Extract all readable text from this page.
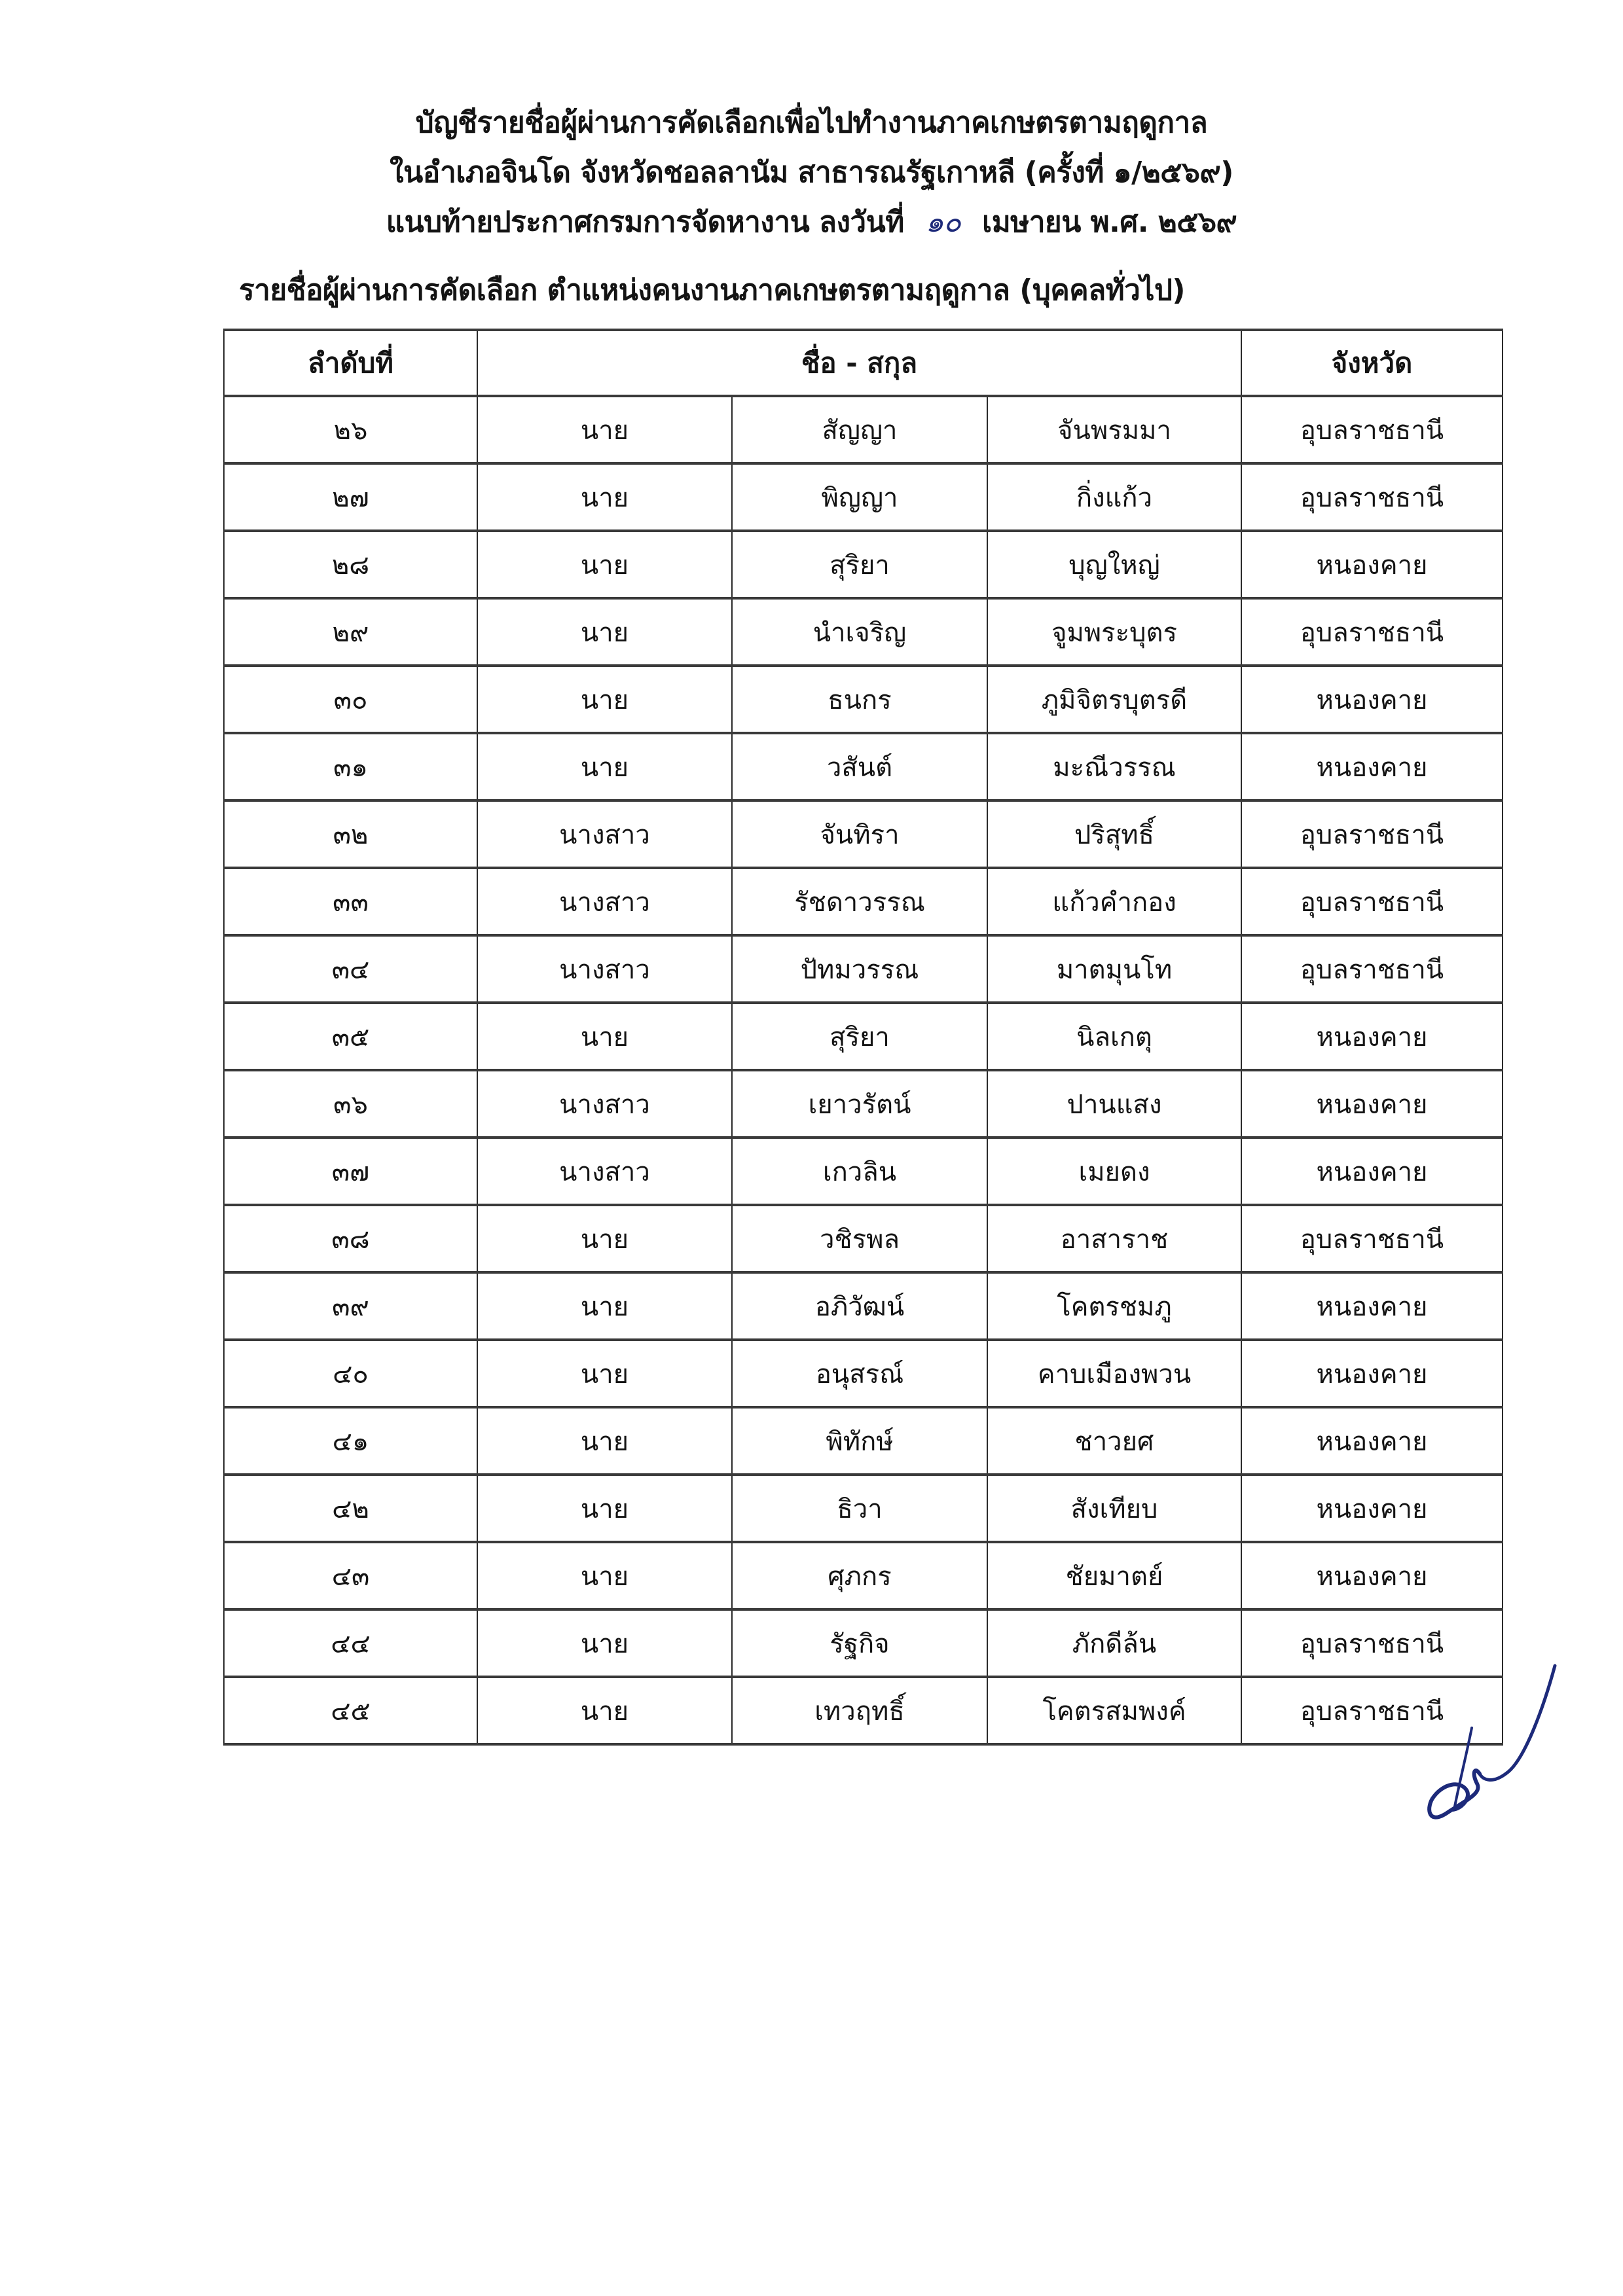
บัญชีรายชื่อผู้ผ่านการคัดเลือกเพื่อไปทำงานภาคเกษตรตามฤดูกาล
ในอำเภอจินโด จังหวัดชอลลานัม สาธารณรัฐเกาหลี (ครั้งที่ ๑/๒๕๖๙)
แนบท้ายประกาศกรมการจัดหางาน ลงวันที่ ๑๐ เมษายน พ.ศ. ๒๕๖๙
รายชื่อผู้ผ่านการคัดเลือก ตำแหน่งคนงานภาคเกษตรตามฤดูกาล (บุคคลทั่วไป)
ลำดับที่	ชื่อ - สกุล			จังหวัด
๒๖	นาย	สัญญา	จันพรมมา	อุบลราชธานี
๒๗	นาย	พิญญา	กิ่งแก้ว	อุบลราชธานี
๒๘	นาย	สุริยา	บุญใหญ่	หนองคาย
๒๙	นาย	นำเจริญ	จูมพระบุตร	อุบลราชธานี
๓๐	นาย	ธนกร	ภูมิจิตรบุตรดี	หนองคาย
๓๑	นาย	วสันต์	มะณีวรรณ	หนองคาย
๓๒	นางสาว	จันทิรา	ปริสุทธิ์	อุบลราชธานี
๓๓	นางสาว	รัชดาวรรณ	แก้วคำกอง	อุบลราชธานี
๓๔	นางสาว	ปัทมวรรณ	มาตมุนโท	อุบลราชธานี
๓๕	นาย	สุริยา	นิลเกตุ	หนองคาย
๓๖	นางสาว	เยาวรัตน์	ปานแสง	หนองคาย
๓๗	นางสาว	เกวลิน	เมยดง	หนองคาย
๓๘	นาย	วชิรพล	อาสาราช	อุบลราชธานี
๓๙	นาย	อภิวัฒน์	โคตรชมภู	หนองคาย
๔๐	นาย	อนุสรณ์	คาบเมืองพวน	หนองคาย
๔๑	นาย	พิทักษ์	ชาวยศ	หนองคาย
๔๒	นาย	ธิวา	สังเทียบ	หนองคาย
๔๓	นาย	ศุภกร	ชัยมาตย์	หนองคาย
๔๔	นาย	รัฐกิจ	ภักดีล้น	อุบลราชธานี
๔๕	นาย	เทวฤทธิ์	โคตรสมพงค์	อุบลราชธานี
